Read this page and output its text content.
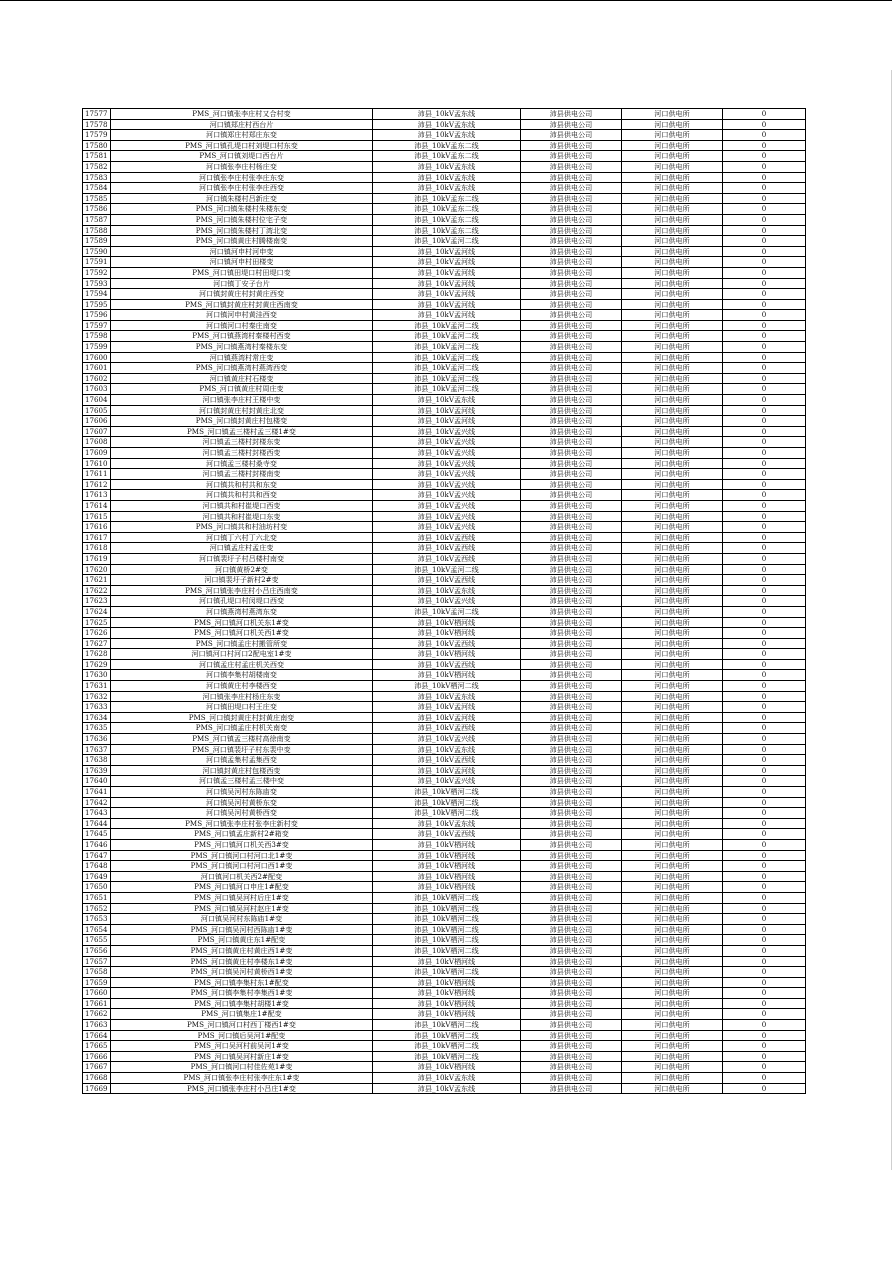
17577	PMS_河口镇张李庄村又合村变	沛县_10kV孟东线	沛县供电公司	河口供电所	0
17578	河口镇郑庄村西台片	沛县_10kV孟东线	沛县供电公司	河口供电所	0
17579	河口镇郑庄村郑庄东变	沛县_10kV孟东线	沛县供电公司	河口供电所	0
17580	PMS_河口镇孔堤口村刘堤口村东变	沛县_10kV孟东二线	沛县供电公司	河口供电所	0
17581	PMS_河口镇刘堤口西台片	沛县_10kV孟东二线	沛县供电公司	河口供电所	0
17582	河口镇张李庄村杨庄变	沛县_10kV孟东线	沛县供电公司	河口供电所	0
17583	河口镇张李庄村张李庄东变	沛县_10kV孟东线	沛县供电公司	河口供电所	0
17584	河口镇张李庄村张李庄西变	沛县_10kV孟东线	沛县供电公司	河口供电所	0
17585	河口镇朱楼村吕新庄变	沛县_10kV孟东二线	沛县供电公司	河口供电所	0
17586	PMS_河口镇朱楼村朱楼东变	沛县_10kV孟东二线	沛县供电公司	河口供电所	0
17587	PMS_河口镇朱楼村位宅子变	沛县_10kV孟东二线	沛县供电公司	河口供电所	0
17588	PMS_河口镇朱楼村丁湾北变	沛县_10kV孟东二线	沛县供电公司	河口供电所	0
17589	PMS_河口镇黄庄村腾楼南变	沛县_10kV孟河二线	沛县供电公司	河口供电所	0
17590	河口镇河申村河申变	沛县_10kV孟河线	沛县供电公司	河口供电所	0
17591	河口镇河申村田楼变	沛县_10kV孟河线	沛县供电公司	河口供电所	0
17592	PMS_河口镇田堤口村田堤口变	沛县_10kV孟河线	沛县供电公司	河口供电所	0
17593	河口镇丁安子台片	沛县_10kV孟河线	沛县供电公司	河口供电所	0
17594	河口镇封黄庄村封黄庄西变	沛县_10kV孟河线	沛县供电公司	河口供电所	0
17595	PMS_河口镇封黄庄村封黄庄西南变	沛县_10kV孟河线	沛县供电公司	河口供电所	0
17596	河口镇河申村黄洼西变	沛县_10kV孟河线	沛县供电公司	河口供电所	0
17597	河口镇河口村秦庄南变	沛县_10kV孟河二线	沛县供电公司	河口供电所	0
17598	PMS_河口镇燕湾村秦楼村西变	沛县_10kV孟河二线	沛县供电公司	河口供电所	0
17599	PMS_河口镇燕湾村秦楼东变	沛县_10kV孟河二线	沛县供电公司	河口供电所	0
17600	河口镇燕湾村常庄变	沛县_10kV孟河二线	沛县供电公司	河口供电所	0
17601	PMS_河口镇燕湾村燕湾西变	沛县_10kV孟河二线	沛县供电公司	河口供电所	0
17602	河口镇黄庄村石楼变	沛县_10kV孟河二线	沛县供电公司	河口供电所	0
17603	PMS_河口镇黄庄村周庄变	沛县_10kV孟河二线	沛县供电公司	河口供电所	0
17604	河口镇张李庄村王楼中变	沛县_10kV孟东线	沛县供电公司	河口供电所	0
17605	河口镇封黄庄村封黄庄北变	沛县_10kV孟河线	沛县供电公司	河口供电所	0
17606	PMS_河口镇封黄庄村包楼变	沛县_10kV孟河线	沛县供电公司	河口供电所	0
17607	PMS_河口镇孟三楼村孟三楼1#变	沛县_10kV孟兴线	沛县供电公司	河口供电所	0
17608	河口镇孟三楼村封楼东变	沛县_10kV孟兴线	沛县供电公司	河口供电所	0
17609	河口镇孟三楼村封楼西变	沛县_10kV孟兴线	沛县供电公司	河口供电所	0
17610	河口镇孟三楼村桑寺变	沛县_10kV孟兴线	沛县供电公司	河口供电所	0
17611	河口镇孟三楼村封楼南变	沛县_10kV孟兴线	沛县供电公司	河口供电所	0
17612	河口镇共和村共和东变	沛县_10kV孟兴线	沛县供电公司	河口供电所	0
17613	河口镇共和村共和西变	沛县_10kV孟兴线	沛县供电公司	河口供电所	0
17614	河口镇共和村崔堤口西变	沛县_10kV孟兴线	沛县供电公司	河口供电所	0
17615	河口镇共和村崔堤口东变	沛县_10kV孟兴线	沛县供电公司	河口供电所	0
17616	PMS_河口镇共和村油坊村变	沛县_10kV孟兴线	沛县供电公司	河口供电所	0
17617	河口镇丁六村丁六北变	沛县_10kV孟西线	沛县供电公司	河口供电所	0
17618	河口镇孟庄村孟庄变	沛县_10kV孟西线	沛县供电公司	河口供电所	0
17619	河口镇裴圩子村吕楼村南变	沛县_10kV孟西线	沛县供电公司	河口供电所	0
17620	河口镇黄桥2#变	沛县_10kV孟河二线	沛县供电公司	河口供电所	0
17621	河口镇裴圩子新村2#变	沛县_10kV孟西线	沛县供电公司	河口供电所	0
17622	PMS_河口镇张李庄村小吕庄西南变	沛县_10kV孟东线	沛县供电公司	河口供电所	0
17623	河口镇孔堤口村闵堤口西变	沛县_10kV孟兴线	沛县供电公司	河口供电所	0
17624	河口镇燕湾村燕湾东变	沛县_10kV孟河二线	沛县供电公司	河口供电所	0
17625	PMS_河口镇河口机关东1#变	沛县_10kV栖河线	沛县供电公司	河口供电所	0
17626	PMS_河口镇河口机关西1#变	沛县_10kV栖河线	沛县供电公司	河口供电所	0
17627	PMS_河口镇孟庄村搬管所变	沛县_10kV孟西线	沛县供电公司	河口供电所	0
17628	河口镇河口村河口2配电室1#变	沛县_10kV栖河线	沛县供电公司	河口供电所	0
17629	河口镇孟庄村孟庄机关西变	沛县_10kV孟西线	沛县供电公司	河口供电所	0
17630	河口镇李集村胡楼南变	沛县_10kV栖河线	沛县供电公司	河口供电所	0
17631	河口镇黄庄村李楼西变	沛县_10kV栖河二线	沛县供电公司	河口供电所	0
17632	河口镇张李庄村杨庄东变	沛县_10kV孟东线	沛县供电公司	河口供电所	0
17633	河口镇田堤口村王庄变	沛县_10kV孟河线	沛县供电公司	河口供电所	0
17634	PMS_河口镇封黄庄村封黄庄南变	沛县_10kV孟河线	沛县供电公司	河口供电所	0
17635	PMS_河口镇孟庄村机关南变	沛县_10kV孟西线	沛县供电公司	河口供电所	0
17636	PMS_河口镇孟三楼村高徐南变	沛县_10kV孟兴线	沛县供电公司	河口供电所	0
17637	PMS_河口镇裴圩子村东裴中变	沛县_10kV孟东线	沛县供电公司	河口供电所	0
17638	河口镇孟集村孟集西变	沛县_10kV孟西线	沛县供电公司	河口供电所	0
17639	河口镇封黄庄村包楼西变	沛县_10kV孟河线	沛县供电公司	河口供电所	0
17640	河口镇孟三楼村孟三楼中变	沛县_10kV孟兴线	沛县供电公司	河口供电所	0
17641	河口镇吴河村东陈庙变	沛县_10kV栖河二线	沛县供电公司	河口供电所	0
17642	河口镇吴河村黄桥东变	沛县_10kV栖河二线	沛县供电公司	河口供电所	0
17643	河口镇吴河村黄桥西变	沛县_10kV栖河二线	沛县供电公司	河口供电所	0
17644	PMS_河口镇张李庄村张李庄新村变	沛县_10kV孟东线	沛县供电公司	河口供电所	0
17645	PMS_河口镇孟庄新村2#箱变	沛县_10kV孟西线	沛县供电公司	河口供电所	0
17646	PMS_河口镇河口机关西3#变	沛县_10kV栖河线	沛县供电公司	河口供电所	0
17647	PMS_河口镇河口村河口北1#变	沛县_10kV栖河线	沛县供电公司	河口供电所	0
17648	PMS_河口镇河口村河口西1#变	沛县_10kV栖河线	沛县供电公司	河口供电所	0
17649	河口镇河口机关西2#配变	沛县_10kV栖河线	沛县供电公司	河口供电所	0
17650	PMS_河口镇河口申庄1#配变	沛县_10kV栖河线	沛县供电公司	河口供电所	0
17651	PMS_河口镇吴河村后庄1#变	沛县_10kV栖河二线	沛县供电公司	河口供电所	0
17652	PMS_河口镇吴河村赵庄1#变	沛县_10kV栖河二线	沛县供电公司	河口供电所	0
17653	河口镇吴河村东陈庙1#变	沛县_10kV栖河二线	沛县供电公司	河口供电所	0
17654	PMS_河口镇吴河村西陈庙1#变	沛县_10kV栖河二线	沛县供电公司	河口供电所	0
17655	PMS_河口镇黄庄东1#配变	沛县_10kV栖河二线	沛县供电公司	河口供电所	0
17656	PMS_河口镇黄庄村黄庄西1#变	沛县_10kV栖河二线	沛县供电公司	河口供电所	0
17657	PMS_河口镇黄庄村李楼东1#变	沛县_10kV栖河线	沛县供电公司	河口供电所	0
17658	PMS_河口镇吴河村黄桥西1#变	沛县_10kV栖河二线	沛县供电公司	河口供电所	0
17659	PMS_河口镇李集村东1#配变	沛县_10kV栖河线	沛县供电公司	河口供电所	0
17660	PMS_河口镇李集村李集西1#变	沛县_10kV栖河线	沛县供电公司	河口供电所	0
17661	PMS_河口镇李集村胡楼1#变	沛县_10kV栖河线	沛县供电公司	河口供电所	0
17662	PMS_河口镇集庄1#配变	沛县_10kV栖河线	沛县供电公司	河口供电所	0
17663	PMS_河口镇河口村西丁楼西1#变	沛县_10kV栖河二线	沛县供电公司	河口供电所	0
17664	PMS_河口镇后吴河1#配变	沛县_10kV栖河二线	沛县供电公司	河口供电所	0
17665	PMS_河口吴河村前吴河1#变	沛县_10kV栖河二线	沛县供电公司	河口供电所	0
17666	PMS_河口镇吴河村新庄1#变	沛县_10kV栖河二线	沛县供电公司	河口供电所	0
17667	PMS_河口镇河口村佳佐苑1#变	沛县_10kV栖河线	沛县供电公司	河口供电所	0
17668	PMS_河口镇张李庄村张李庄东1#变	沛县_10kV孟东线	沛县供电公司	河口供电所	0
17669	PMS_河口镇张李庄村小吕庄1#变	沛县_10kV孟东线	沛县供电公司	河口供电所	0
